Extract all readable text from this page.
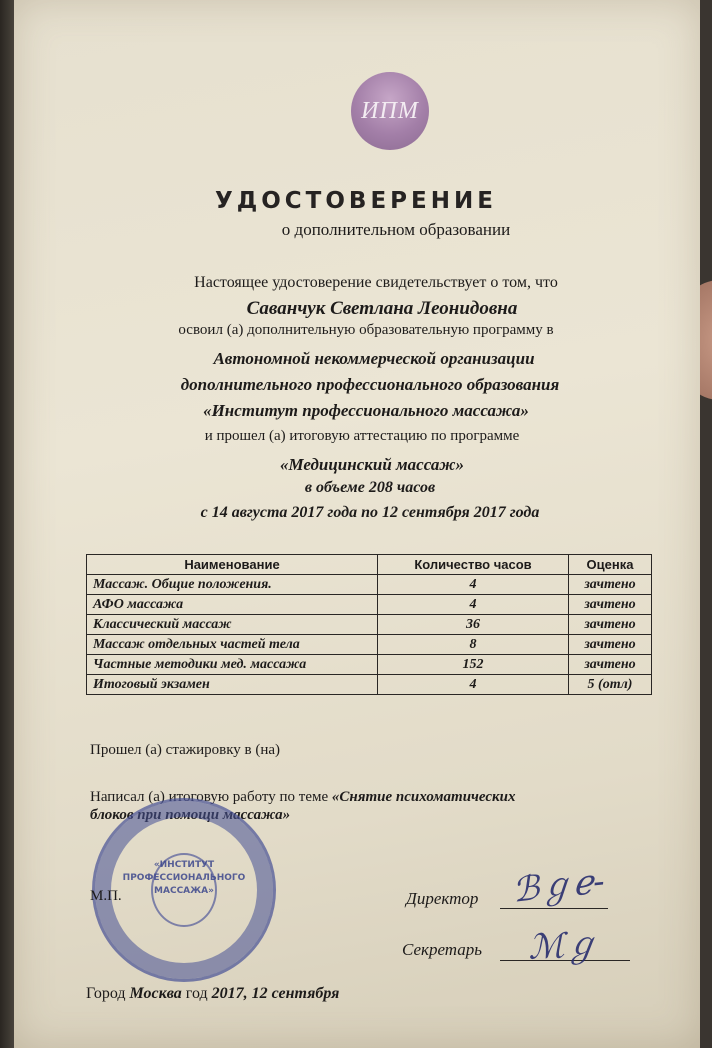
ИПМ
УДОСТОВЕРЕНИЕ
о дополнительном образовании
Настоящее удостоверение свидетельствует о том, что
Саванчук Светлана Леонидовна
освоил (а) дополнительную образовательную программу в
Автономной некоммерческой организации
дополнительного профессионального образования
«Институт профессионального массажа»
и прошел (а) итоговую аттестацию по программе
«Медицинский массаж»
в объеме 208 часов
с 14 августа 2017 года по 12 сентября 2017 года
Наименование	Количество часов	Оценка
Массаж. Общие положения.	4	зачтено
АФО массажа	4	зачтено
Классический массаж	36	зачтено
Массаж отдельных частей тела	8	зачтено
Частные методики мед. массажа	152	зачтено
Итоговый экзамен	4	5 (отл)
Прошел (а) стажировку в (на)
Написал (а) итоговую работу по теме «Снятие психоматических
блоков при помощи массажа»
«ИНСТИТУТ
ПРОФЕССИОНАЛЬНОГО
МАССАЖА»
М.П.	Директор ℬℊℯ-
Секретарь ℳℊ
Город Москва год 2017, 12 сентября
